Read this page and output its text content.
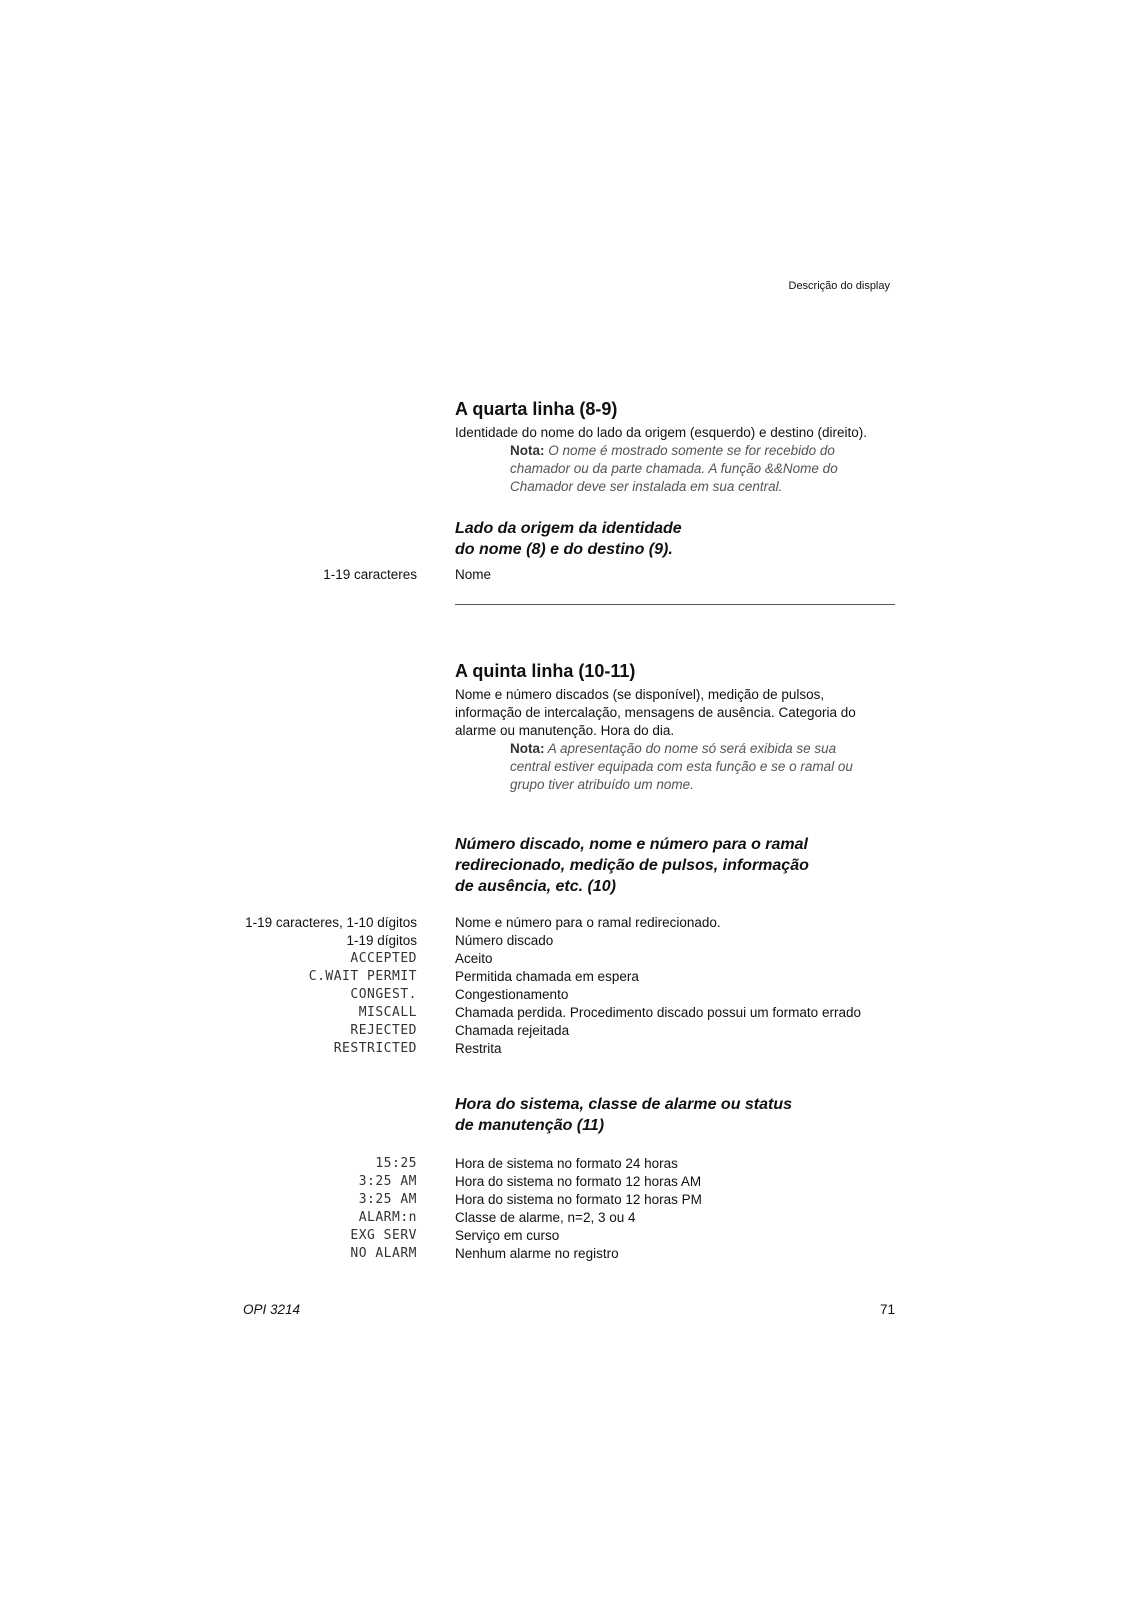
Descrição do display
A quarta linha (8-9)

Identidade do nome do lado da origem (esquerdo) e destino (direito).

Nota: O nome é mostrado somente se for recebido do chamador ou da parte chamada. A função &&Nome do Chamador deve ser instalada em sua central.
Lado da origem da identidade
do nome (8) e do destino (9).
1-19 caracteres	Nome
A quinta linha (10-11)

Nome e número discados (se disponível), medição de pulsos, informação de intercalação, mensagens de ausência. Categoria do alarme ou manutenção. Hora do dia.

Nota: A apresentação do nome só será exibida se sua central estiver equipada com esta função e se o ramal ou grupo tiver atribuído um nome.
Número discado, nome e número para o ramal
redirecionado, medição de pulsos, informação
de ausência, etc. (10)
1-19 caracteres, 1-10 dígitos	Nome e número para o ramal redirecionado.
1-19 dígitos	Número discado
ACCEPTED	Aceito
C.WAIT PERMIT	Permitida chamada em espera
CONGEST.	Congestionamento
MISCALL	Chamada perdida. Procedimento discado possui um formato errado
REJECTED	Chamada rejeitada
RESTRICTED	Restrita
Hora do sistema, classe de alarme ou status
de manutenção (11)
15:25	Hora de sistema no formato 24 horas
3:25 AM	Hora do sistema no formato 12 horas AM
3:25 AM	Hora do sistema no formato 12 horas PM
ALARM:n	Classe de alarme, n=2, 3 ou 4
EXG SERV	Serviço em curso
NO ALARM	Nenhum alarme no registro
OPI 3214	71
